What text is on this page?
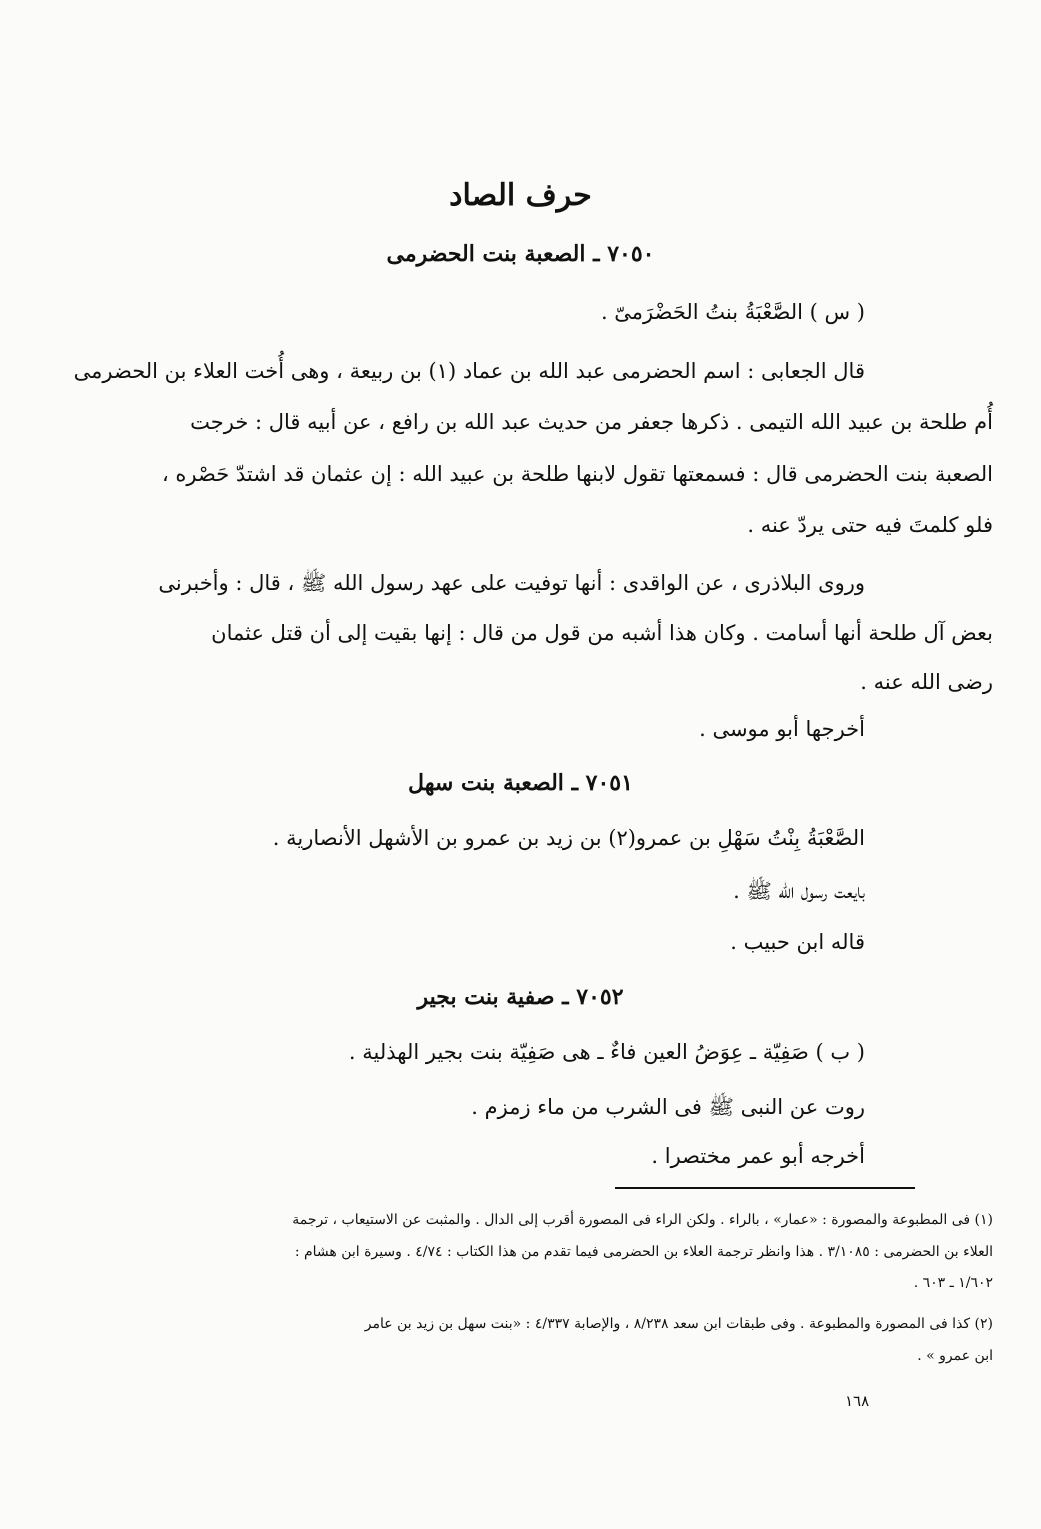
حرف الصاد
٧٠٥٠ ـ الصعبة بنت الحضرمى
( س ) الصَّعْبَةُ بنتُ الحَضْرَمىّ .
قال الجعابى : اسم الحضرمى عبد الله بن عماد (١) بن ربيعة ، وهى أُخت العلاء بن الحضرمى
أُم طلحة بن عبيد الله التيمى . ذكرها جعفر من حديث عبد الله بن رافع ، عن أبيه قال : خرجت
الصعبة بنت الحضرمى قال : فسمعتها تقول لابنها طلحة بن عبيد الله : إن عثمان قد اشتدّ حَصْره ،
فلو كلمتَ فيه حتى يردّ عنه .
وروى البلاذرى ، عن الواقدى : أنها توفيت على عهد رسول الله ﷺ ، قال : وأخبرنى
بعض آل طلحة أنها أسامت . وكان هذا أشبه من قول من قال : إنها بقيت إلى أن قتل عثمان
رضى الله عنه .
أخرجها أبو موسى .
٧٠٥١ ـ الصعبة بنت سهل
الصَّعْبَةُ بِنْتُ سَهْلِ بن عمرو(٢) بن زيد بن عمرو بن الأشهل الأنصارية .
بايعت رسول الله ﷺ .
قاله ابن حبيب .
٧٠٥٢ ـ صفية بنت بجير
( ب ) صَفِيّة ـ عِوَضُ العين فاءٌ ـ هى صَفِيّة بنت بجير الهذلية .
روت عن النبى ﷺ فى الشرب من ماء زمزم .
أخرجه أبو عمر مختصرا .
(١) فى المطبوعة والمصورة : «عمار» ، بالراء . ولكن الراء فى المصورة أقرب إلى الدال . والمثبت عن الاستيعاب ، ترجمة
العلاء بن الحضرمى : ٣/١٠٨٥ . هذا وانظر ترجمة العلاء بن الحضرمى فيما تقدم من هذا الكتاب : ٤/٧٤ . وسيرة ابن هشام :
١/٦٠٢ ـ ٦٠٣ .
(٢) كذا فى المصورة والمطبوعة . وفى طبقات ابن سعد ٨/٢٣٨ ، والإصابة ٤/٣٣٧ : «بنت سهل بن زيد بن عامر
ابن عمرو » .
١٦٨
